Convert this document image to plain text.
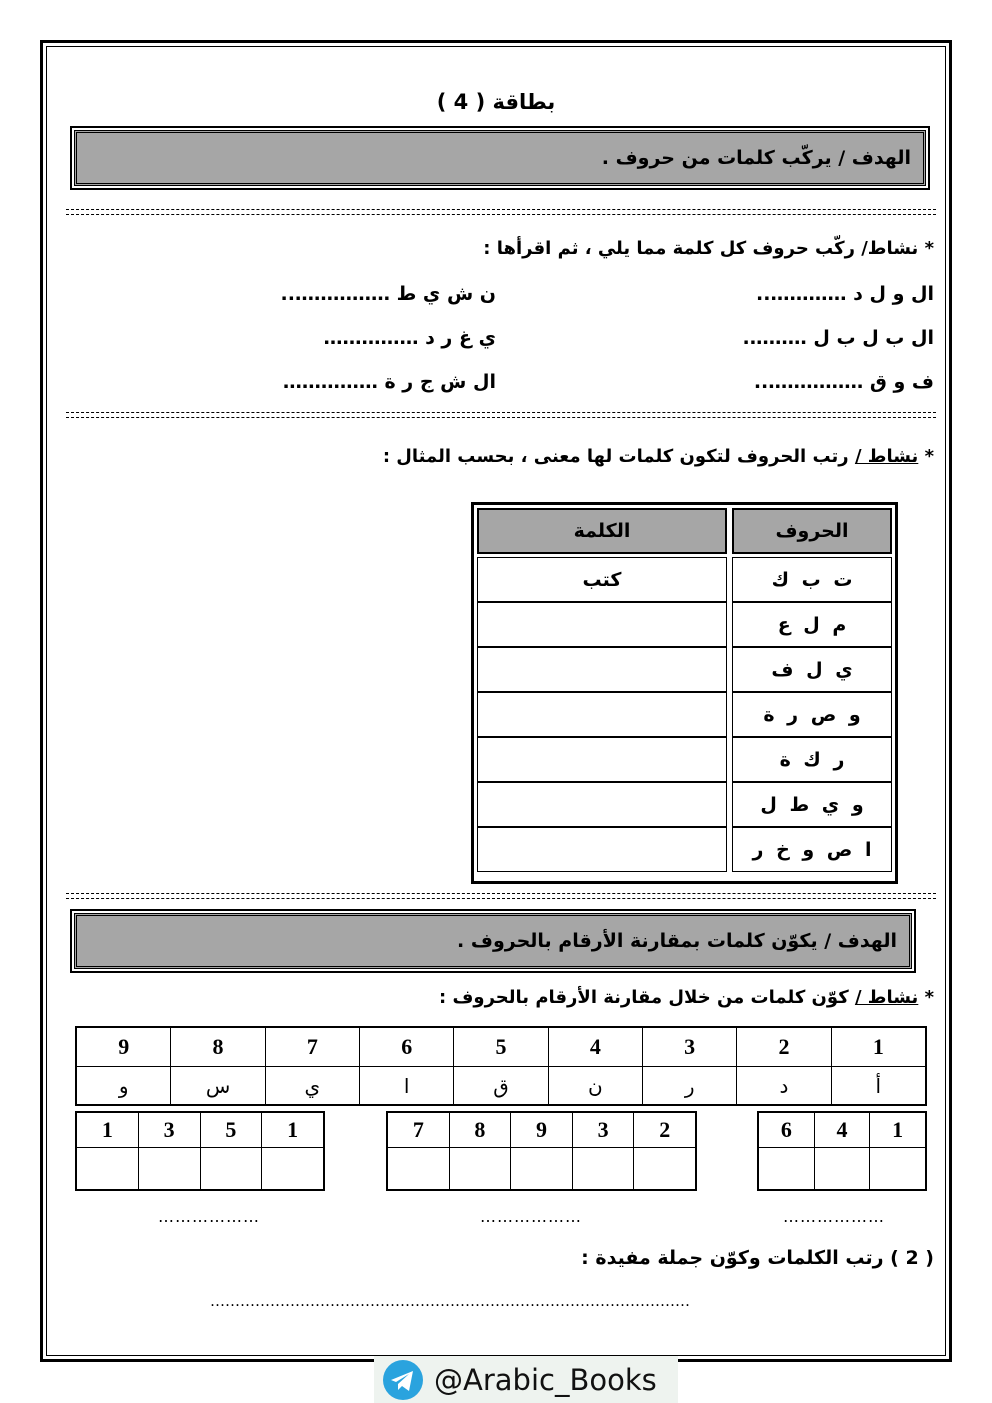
بطاقة ( 4 )
الهدف / يركّب كلمات من حروف .
* نشاط/ ركّب حروف كل كلمة مما يلي ، ثم اقرأها :
ال و ل د …………..
ن ش ي ط ……………..
ال ب ل ب ل ……….
ي غ ر د ……………
ف و ق ……………..
ال ش ج ر ة ……………
* نشاط / رتب الحروف لتكون كلمات لها معنى ، بحسب المثال :
الحروف
ت ب ك
م ل ع
ي ل ف
و ص ر ة
ر ك ة
و ي ط ل
ا ص و خ ر
الكلمة
كتب
الهدف / يكوّن كلمات بمقارنة الأرقام بالحروف .
* نشاط / كوّن كلمات من خلال مقارنة الأرقام بالحروف :
1
أ
2
د
3
ر
4
ن
5
ق
6
ا
7
ي
8
س
9
و
1
4
6
2
3
9
8
7
1
5
3
1
………………
………………
………………
( 2 ) رتب الكلمات وكوّن جملة مفيدة :
……………………………………………………………………………………
@Arabic_Books
